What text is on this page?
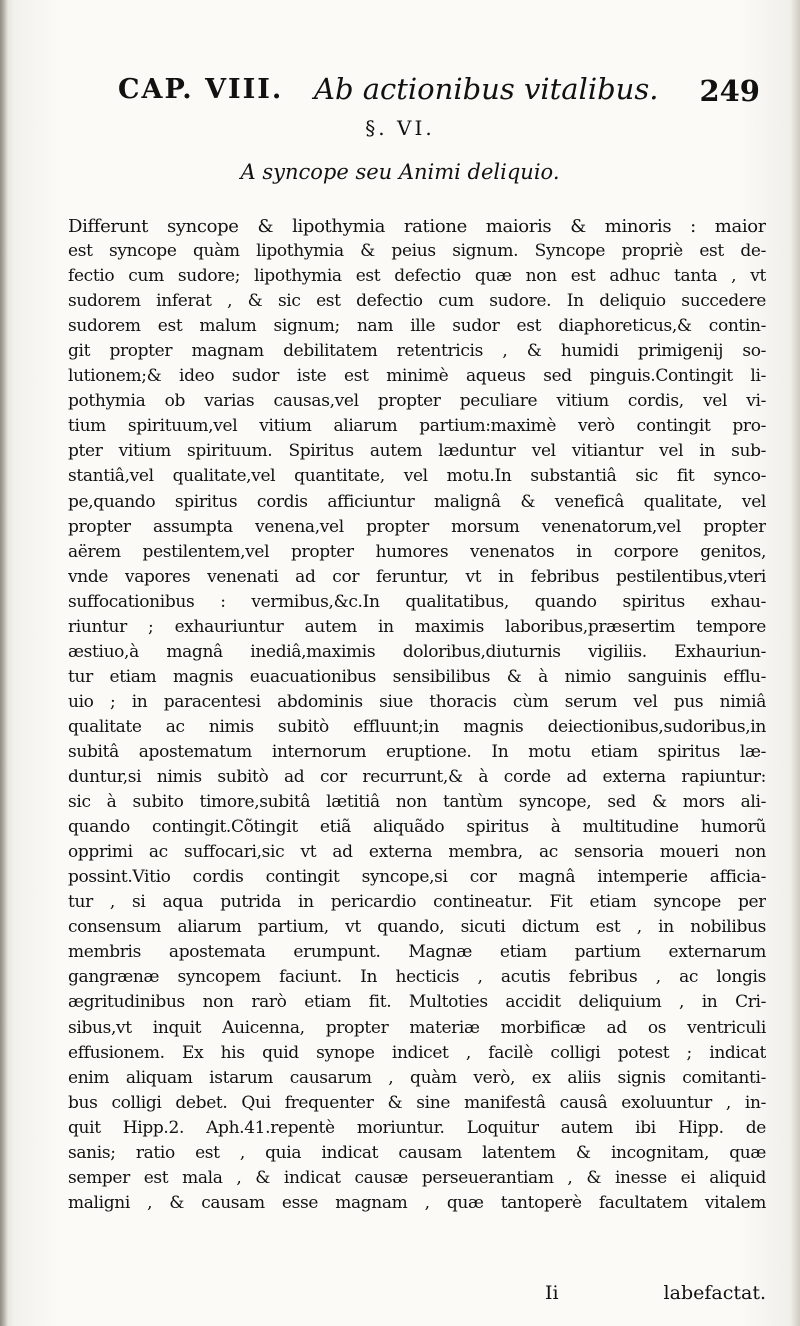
CAP. VIII. Ab actionibus vitalibus. 249
§. VI.
A syncope seu Animi deliquio.
Differunt syncope & lipothymia ratione maioris & minoris : maior
est syncope quàm lipothymia & peius signum. Syncope propriè est de-
fectio cum sudore; lipothymia est defectio quæ non est adhuc tanta , vt
sudorem inferat , & sic est defectio cum sudore. In deliquio succedere
sudorem est malum signum; nam ille sudor est diaphoreticus,& contin-
git propter magnam debilitatem retentricis , & humidi primigenij so-
lutionem;& ideo sudor iste est minimè aqueus sed pinguis.Contingit li-
pothymia ob varias causas,vel propter peculiare vitium cordis, vel vi-
tium spirituum,vel vitium aliarum partium:maximè verò contingit pro-
pter vitium spirituum. Spiritus autem læduntur vel vitiantur vel in sub-
stantiâ,vel qualitate,vel quantitate, vel motu.In substantiâ sic fit synco-
pe,quando spiritus cordis afficiuntur malignâ & veneficâ qualitate, vel
propter assumpta venena,vel propter morsum venenatorum,vel propter
aërem pestilentem,vel propter humores venenatos in corpore genitos,
vnde vapores venenati ad cor feruntur, vt in febribus pestilentibus,vteri
suffocationibus : vermibus,&c.In qualitatibus, quando spiritus exhau-
riuntur ; exhauriuntur autem in maximis laboribus,præsertim tempore
æstiuo,à magnâ inediâ,maximis doloribus,diuturnis vigiliis. Exhauriun-
tur etiam magnis euacuationibus sensibilibus & à nimio sanguinis efflu-
uio ; in paracentesi abdominis siue thoracis cùm serum vel pus nimiâ
qualitate ac nimis subitò effluunt;in magnis deiectionibus,sudoribus,in
subitâ apostematum internorum eruptione. In motu etiam spiritus læ-
duntur,si nimis subitò ad cor recurrunt,& à corde ad externa rapiuntur:
sic à subito timore,subitâ lætitiâ non tantùm syncope, sed & mors ali-
quando contingit.Cõtingit etiã aliquãdo spiritus à multitudine humorũ
opprimi ac suffocari,sic vt ad externa membra, ac sensoria moueri non
possint.Vitio cordis contingit syncope,si cor magnâ intemperie afficia-
tur , si aqua putrida in pericardio contineatur. Fit etiam syncope per
consensum aliarum partium, vt quando, sicuti dictum est , in nobilibus
membris apostemata erumpunt. Magnæ etiam partium externarum
gangrænæ syncopem faciunt. In hecticis , acutis febribus , ac longis
ægritudinibus non rarò etiam fit. Multoties accidit deliquium , in Cri-
sibus,vt inquit Auicenna, propter materiæ morbificæ ad os ventriculi
effusionem. Ex his quid synope indicet , facilè colligi potest ; indicat
enim aliquam istarum causarum , quàm verò, ex aliis signis comitanti-
bus colligi debet. Qui frequenter & sine manifestâ causâ exoluuntur , in-
quit Hipp.2. Aph.41.repentè moriuntur. Loquitur autem ibi Hipp. de
sanis; ratio est , quia indicat causam latentem & incognitam, quæ
semper est mala , & indicat causæ perseuerantiam , & inesse ei aliquid
maligni , & causam esse magnam , quæ tantoperè facultatem vitalem
Ii	labefactat.
